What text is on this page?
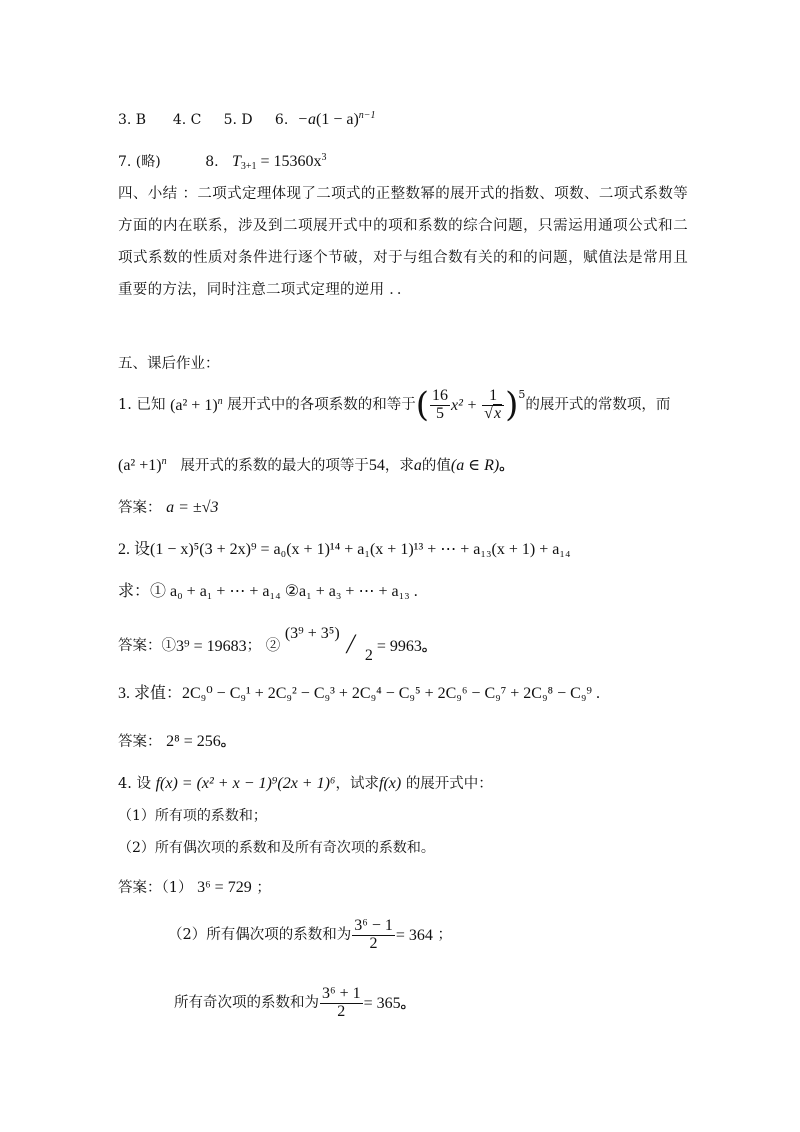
3. B 4. C 5. D 6. $-a(1 - a)^{n-1}$
7. (略)	8. $T_{3+1} = 15360x^3$
四、小结 ：二项式定理体现了二项式的正整数幂的展开式的指数、项数、二项式系数等方面的内在联系，涉及到二项展开式中的项和系数的综合问题，只需运用通项公式和二项式系数的性质对条件进行逐个节破，对于与组合数有关的和的问题，赋值法是常用且重要的方法，同时注意二项式定理的逆用 ．．
五、课后作业：
1. 已知
$(a^2 + 1)^n$
展开式中的各项系数的和等于 ( $\frac{16}{5} x^2$
+
$\frac{1}{√x} )^5$
的展开式的常数项，而
$(a^2 +1)^n$ 展开式的系数的最大的项等于54，求a的值(a ∈ R)。
答案： a = ±√3
2. 设(1 − x)⁵(3 + 2x)⁹ = a₀(x + 1)¹⁴ + a₁(x + 1)¹³ + ⋯ + a₁₃(x + 1) + a₁₄
求：① a₀ + a₁ + ⋯ + a₁₄ ②a₁ + a₃ + ⋯ + a₁₃ .
答案：① 3⁹ = 19683 ； ②

(3⁹ + 3⁵) / 2
= 9963 。
3. 求值：2C₉⁰ − C₉¹ + 2C₉² − C₉³ + 2C₉⁴ − C₉⁵ + 2C₉⁶ − C₉⁷ + 2C₉⁸ − C₉⁹ .
答案： 2⁸ = 256。
4. 设 f(x) = (x² + x − 1)⁹(2x + 1)⁶，试求f(x) 的展开式中：
（1）所有项的系数和；
（2）所有偶次项的系数和及所有奇次项的系数和。
答案：（1） 3⁶ = 729 ；
（2）所有偶次项的系数和为 $\frac{\text{3⁶ − 1}}{2} = 364$
；
所有奇次项的系数和为 $\frac{\text{3⁶ + 1}}{2} = 365$ 。
